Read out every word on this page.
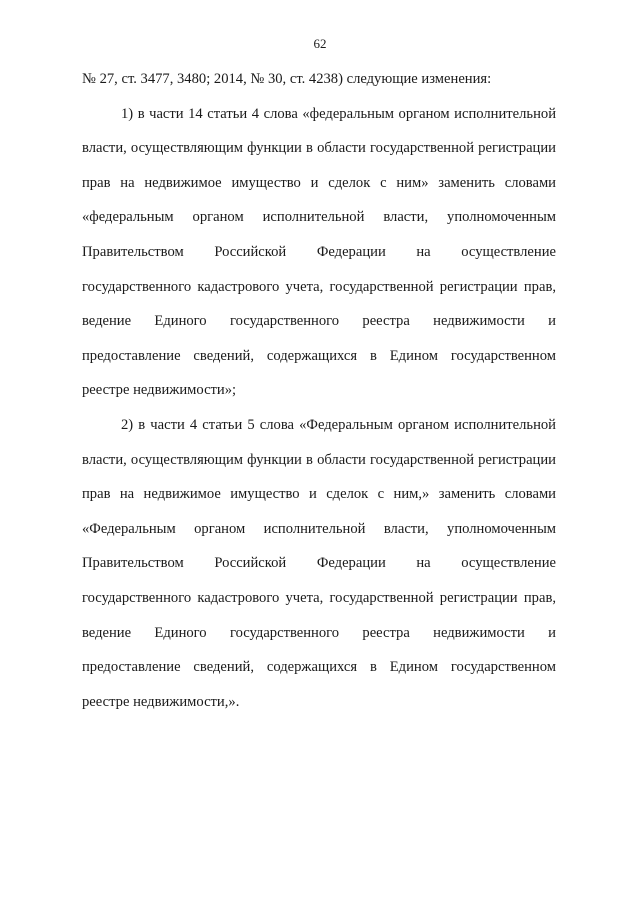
62

№ 27, ст. 3477, 3480; 2014, № 30, ст. 4238) следующие изменения:

1) в части 14 статьи 4 слова «федеральным органом исполнительной власти, осуществляющим функции в области государственной регистрации прав на недвижимое имущество и сделок с ним» заменить словами «федеральным органом исполнительной власти, уполномоченным Правительством Российской Федерации на осуществление государственного кадастрового учета, государственной регистрации прав, ведение Единого государственного реестра недвижимости и предоставление сведений, содержащихся в Едином государственном реестре недвижимости»;

2) в части 4 статьи 5 слова «Федеральным органом исполнительной власти, осуществляющим функции в области государственной регистрации прав на недвижимое имущество и сделок с ним,» заменить словами «Федеральным органом исполнительной власти, уполномоченным Правительством Российской Федерации на осуществление государственного кадастрового учета, государственной регистрации прав, ведение Единого государственного реестра недвижимости и предоставление сведений, содержащихся в Едином государственном реестре недвижимости,».
